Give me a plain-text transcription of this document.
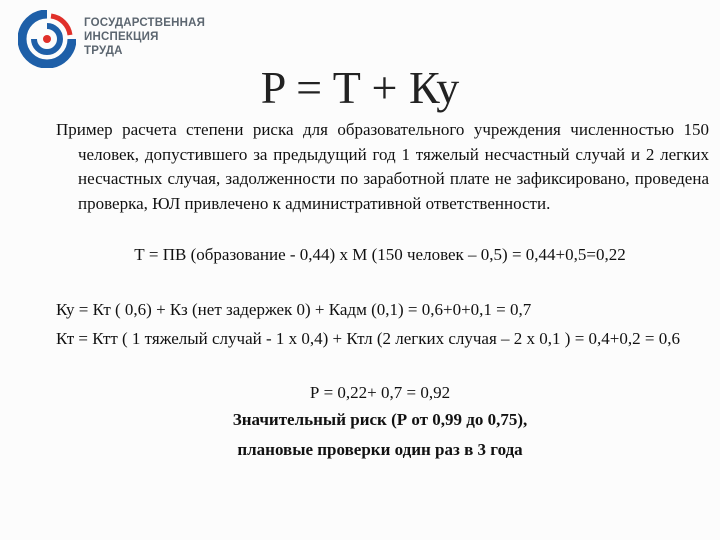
ГОСУДАРСТВЕННАЯ
ИНСПЕКЦИЯ
ТРУДА
P = T + Ку
Пример расчета степени риска для образовательного учреждения численностью 150 человек, допустившего за предыдущий год 1 тяжелый несчастный случай и 2 легких несчастных случая, задолженности по заработной плате не зафиксировано, проведена проверка, ЮЛ привлечено к административной ответственности.
Т = ПВ (образование - 0,44) х М (150 человек – 0,5) = 0,44+0,5=0,22
Ку = Кт ( 0,6) + Кз (нет задержек 0) + Кадм (0,1) = 0,6+0+0,1 = 0,7
Кт = Ктт ( 1 тяжелый случай - 1 х 0,4) + Ктл (2 легких случая – 2 х 0,1 ) = 0,4+0,2 = 0,6
Р = 0,22+ 0,7 = 0,92
Значительный риск (Р от 0,99 до 0,75),
плановые проверки один раз в 3 года
